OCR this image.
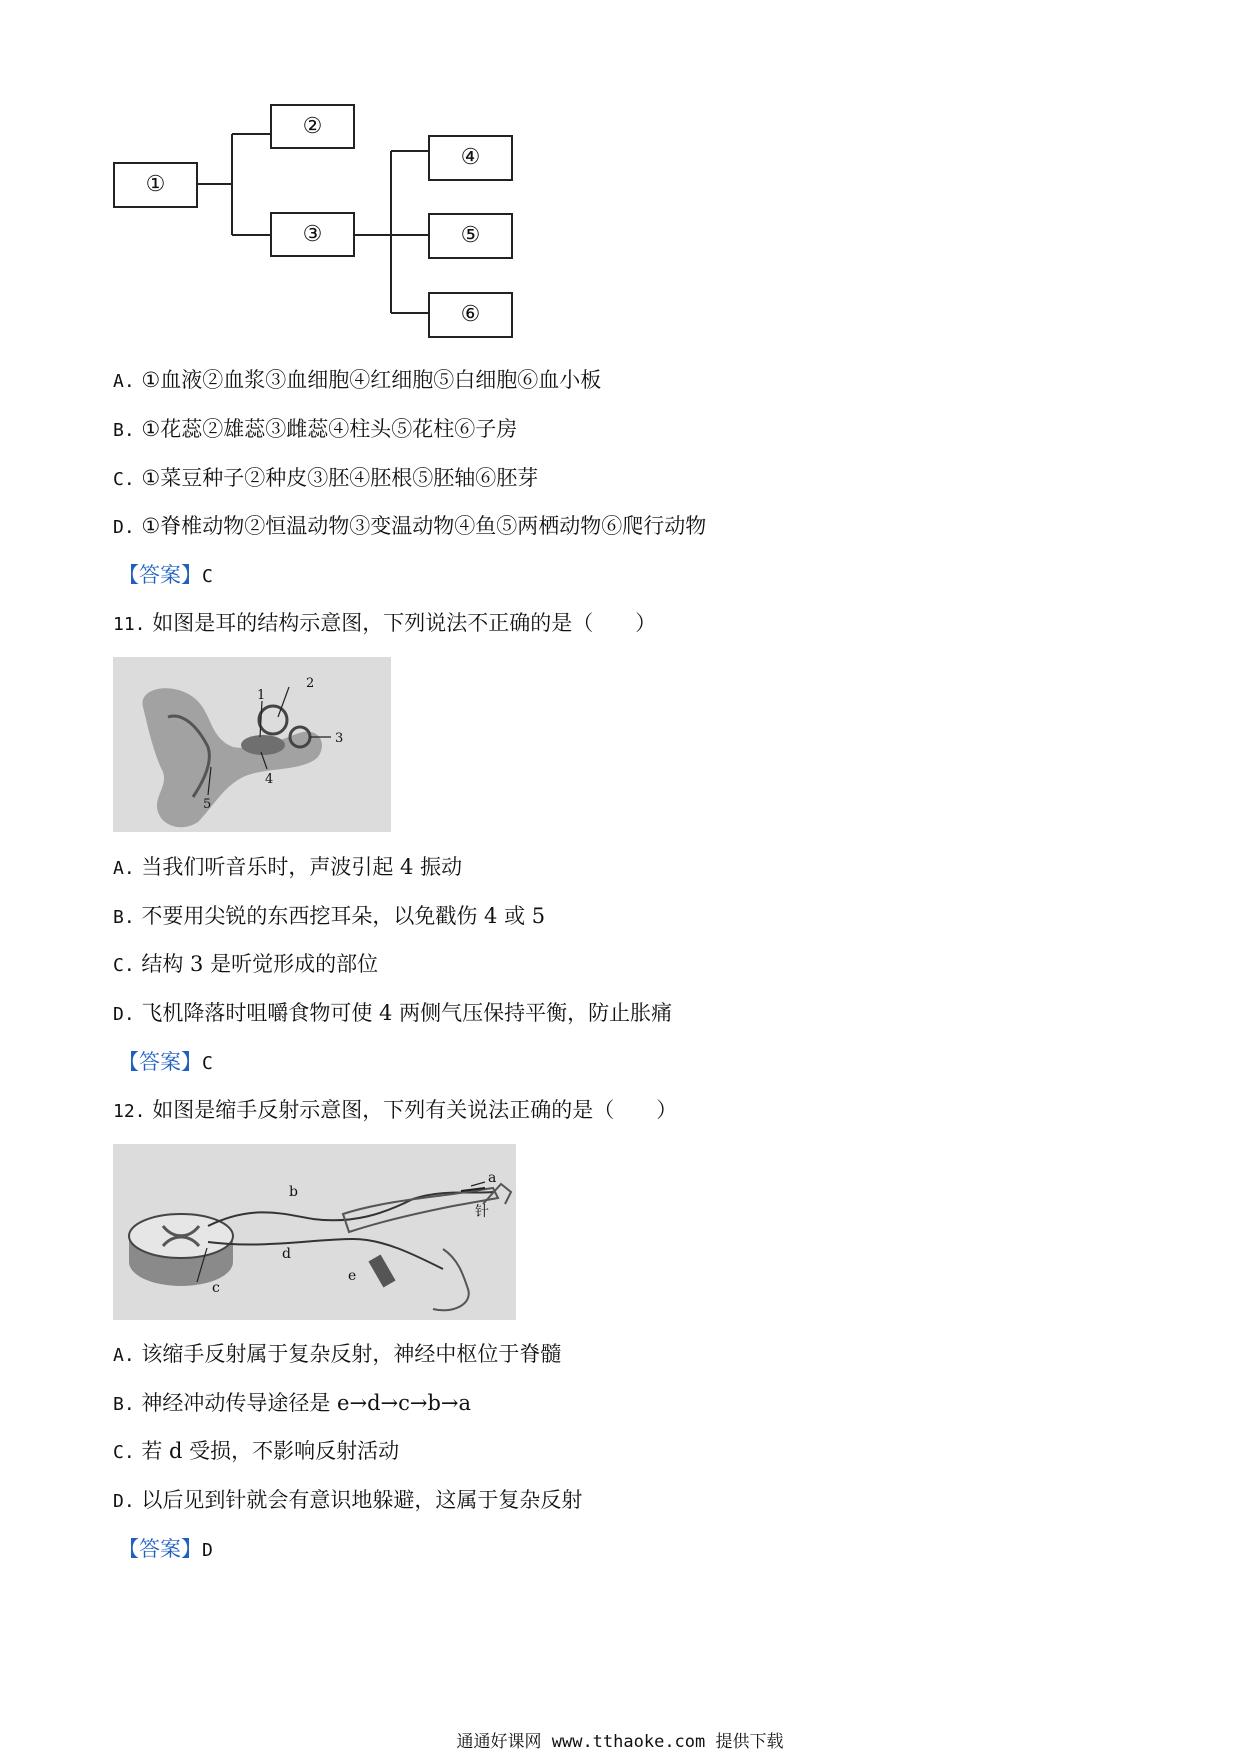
①
②
③
④
⑤
⑥
A. ①血液②血浆③血细胞④红细胞⑤白细胞⑥血小板
B. ①花蕊②雄蕊③雌蕊④柱头⑤花柱⑥子房
C. ①菜豆种子②种皮③胚④胚根⑤胚轴⑥胚芽
D. ①脊椎动物②恒温动物③变温动物④鱼⑤两栖动物⑥爬行动物
【答案】C
11. 如图是耳的结构示意图，下列说法不正确的是（　　）
1
2
3
4
5
A. 当我们听音乐时，声波引起 4 振动
B. 不要用尖锐的东西挖耳朵，以免戳伤 4 或 5
C. 结构 3 是听觉形成的部位
D. 飞机降落时咀嚼食物可使 4 两侧气压保持平衡，防止胀痛
【答案】C
12. 如图是缩手反射示意图，下列有关说法正确的是（　　）
a
b
c
d
e
针
A. 该缩手反射属于复杂反射，神经中枢位于脊髓
B. 神经冲动传导途径是 e→d→c→b→a
C. 若 d 受损，不影响反射活动
D. 以后见到针就会有意识地躲避，这属于复杂反射
【答案】D
通通好课网 www.tthaoke.com 提供下载
